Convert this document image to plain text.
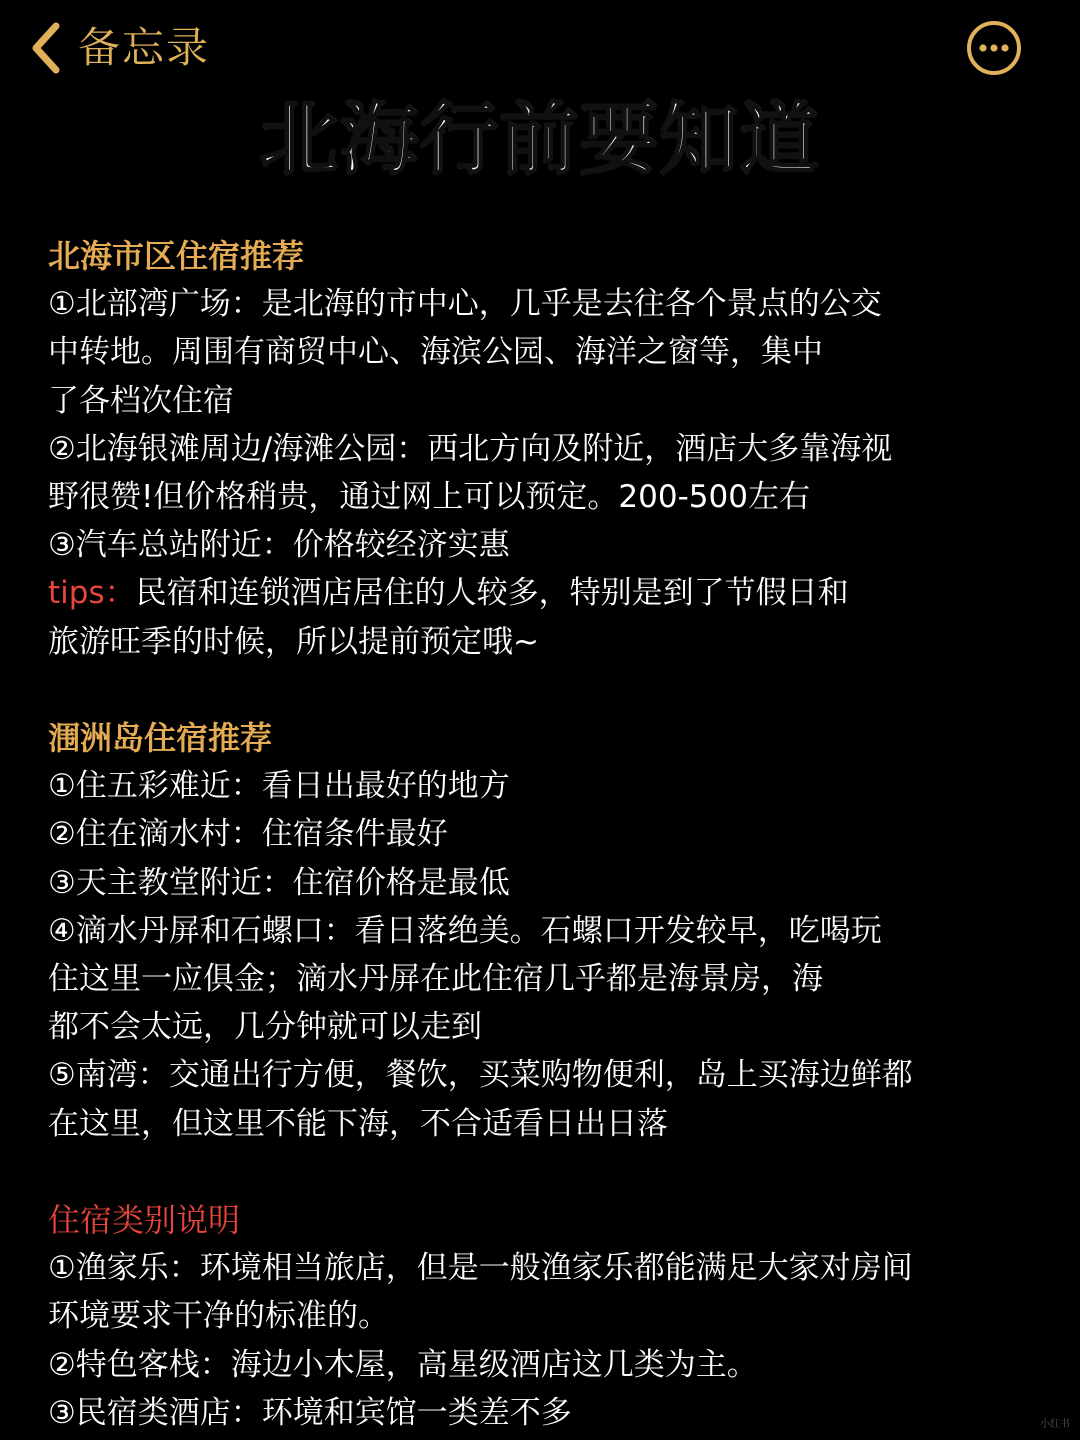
备忘录
北海行前要知道
北海市区住宿推荐
①北部湾广场：是北海的市中心，几乎是去往各个景点的公交
中转地。周围有商贸中心、海滨公园、海洋之窗等，集中
了各档次住宿
②北海银滩周边/海滩公园：西北方向及附近，酒店大多靠海视
野很赞!但价格稍贵，通过网上可以预定。200-500左右
③汽车总站附近：价格较经济实惠
tips：民宿和连锁酒店居住的人较多，特别是到了节假日和
旅游旺季的时候，所以提前预定哦~
涠洲岛住宿推荐
①住五彩难近：看日出最好的地方
②住在滴水村：住宿条件最好
③天主教堂附近：住宿价格是最低
④滴水丹屏和石螺口：看日落绝美。石螺口开发较早，吃喝玩
住这里一应俱金；滴水丹屏在此住宿几乎都是海景房，海
都不会太远，几分钟就可以走到
⑤南湾：交通出行方便，餐饮，买菜购物便利，岛上买海边鲜都
在这里，但这里不能下海，不合适看日出日落
住宿类别说明
①渔家乐：环境相当旅店，但是一般渔家乐都能满足大家对房间
环境要求干净的标准的。
②特色客栈：海边小木屋，高星级酒店这几类为主。
③民宿类酒店：环境和宾馆一类差不多	小红书
